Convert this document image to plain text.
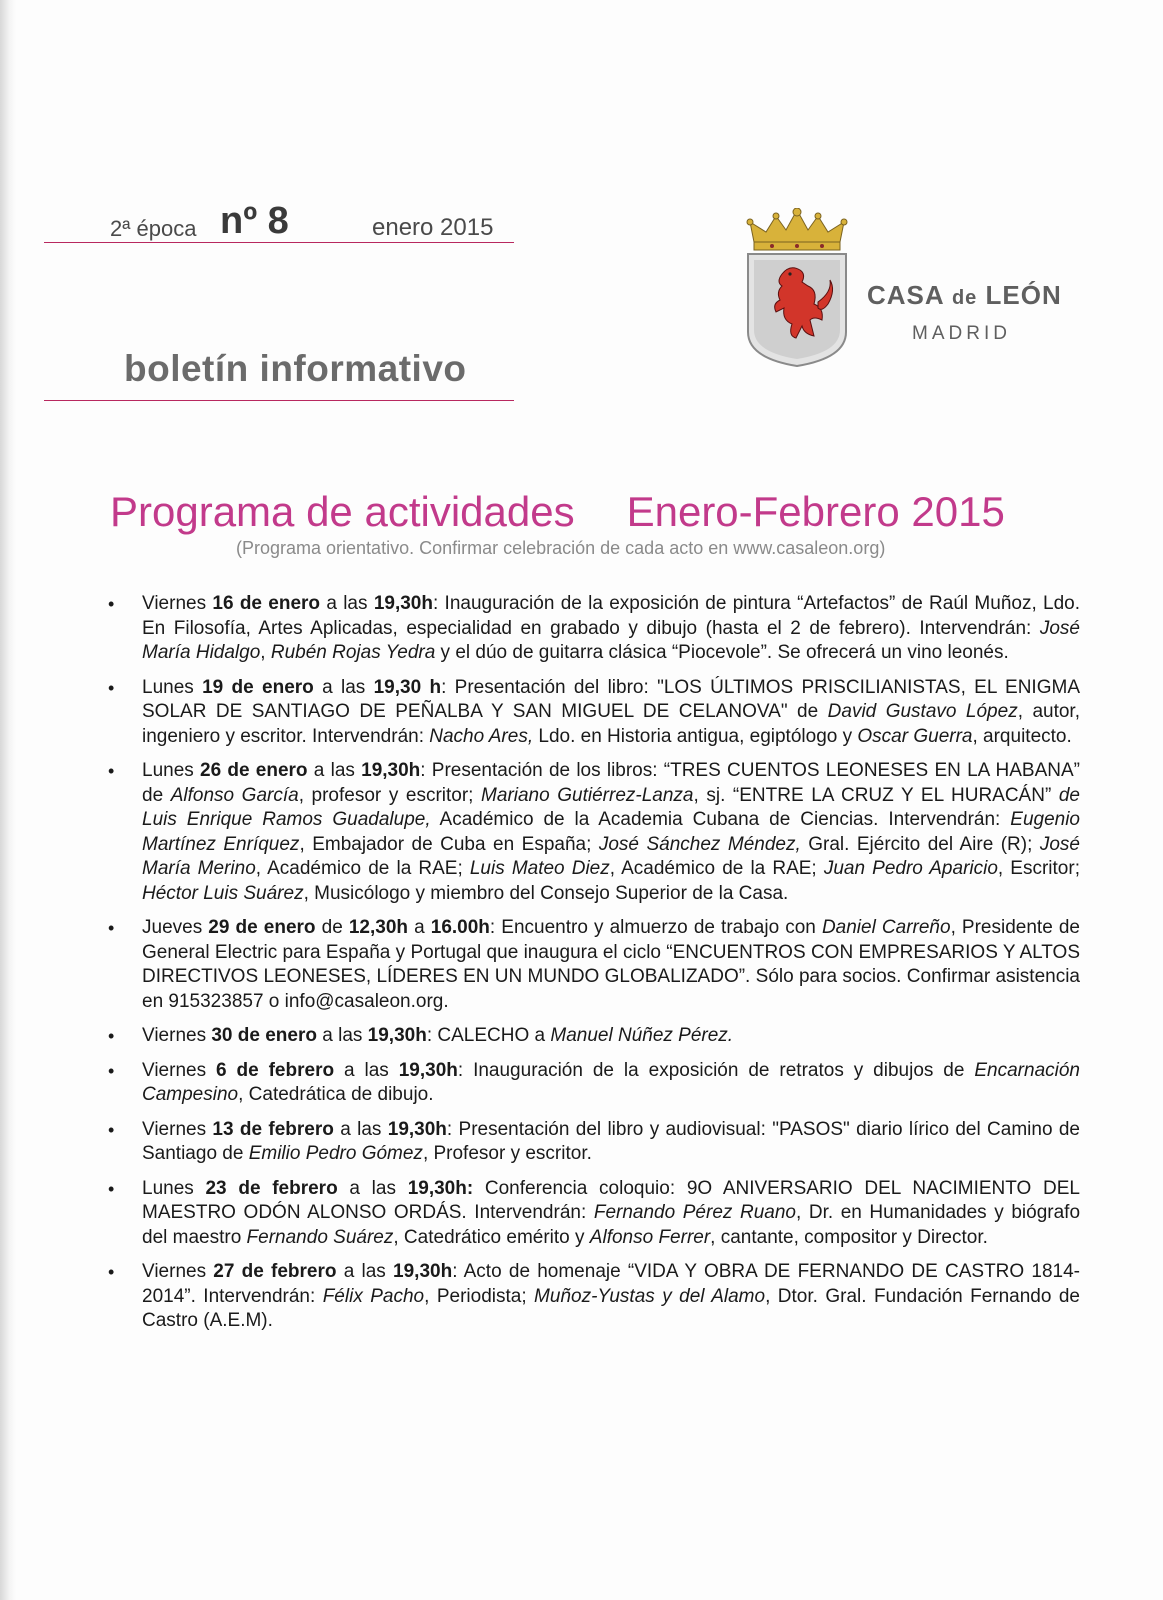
2ª época nº 8	enero 2015
boletín informativo
CASA de LEÓN
MADRID
Programa de actividades Enero-Febrero 2015
(Programa orientativo. Confirmar celebración de cada acto en www.casaleon.org)
• Viernes 16 de enero a las 19,30h: Inauguración de la exposición de pintura “Artefactos” de Raúl Muñoz, Ldo. En Filosofía, Artes Aplicadas, especialidad en grabado y dibujo (hasta el 2 de febrero). Intervendrán: José María Hidalgo, Rubén Rojas Yedra y el dúo de guitarra clásica “Piocevole”. Se ofrecerá un vino leonés.
• Lunes 19 de enero a las 19,30 h: Presentación del libro: "LOS ÚLTIMOS PRISCILIANISTAS, EL ENIGMA SOLAR DE SANTIAGO DE PEÑALBA Y SAN MIGUEL DE CELANOVA" de David Gustavo López, autor, ingeniero y escritor. Intervendrán: Nacho Ares, Ldo. en Historia antigua, egiptólogo y Oscar Guerra, arquitecto.
• Lunes 26 de enero a las 19,30h: Presentación de los libros: “TRES CUENTOS LEONESES EN LA HABANA” de Alfonso García, profesor y escritor; Mariano Gutiérrez-Lanza, sj. “ENTRE LA CRUZ Y EL HURACÁN” de Luis Enrique Ramos Guadalupe, Académico de la Academia Cubana de Ciencias. Intervendrán: Eugenio Martínez Enríquez, Embajador de Cuba en España; José Sánchez Méndez, Gral. Ejército del Aire (R); José María Merino, Académico de la RAE; Luis Mateo Diez, Académico de la RAE; Juan Pedro Aparicio, Escritor; Héctor Luis Suárez, Musicólogo y miembro del Consejo Superior de la Casa.
• Jueves 29 de enero de 12,30h a 16.00h: Encuentro y almuerzo de trabajo con Daniel Carreño, Presidente de General Electric para España y Portugal que inaugura el ciclo “ENCUENTROS CON EMPRESARIOS Y ALTOS DIRECTIVOS LEONESES, LÍDERES EN UN MUNDO GLOBALIZADO”. Sólo para socios. Confirmar asistencia en 915323857 o info@casaleon.org.
• Viernes 30 de enero a las 19,30h: CALECHO a Manuel Núñez Pérez.
• Viernes 6 de febrero a las 19,30h: Inauguración de la exposición de retratos y dibujos de Encarnación Campesino, Catedrática de dibujo.
• Viernes 13 de febrero a las 19,30h: Presentación del libro y audiovisual: "PASOS" diario lírico del Camino de Santiago de Emilio Pedro Gómez, Profesor y escritor.
• Lunes 23 de febrero a las 19,30h: Conferencia coloquio: 9O ANIVERSARIO DEL NACIMIENTO DEL MAESTRO ODÓN ALONSO ORDÁS. Intervendrán: Fernando Pérez Ruano, Dr. en Humanidades y biógrafo del maestro Fernando Suárez, Catedrático emérito y Alfonso Ferrer, cantante, compositor y Director.
• Viernes 27 de febrero a las 19,30h: Acto de homenaje “VIDA Y OBRA DE FERNANDO DE CASTRO 1814-2014”. Intervendrán: Félix Pacho, Periodista; Muñoz-Yustas y del Alamo, Dtor. Gral. Fundación Fernando de Castro (A.E.M).
